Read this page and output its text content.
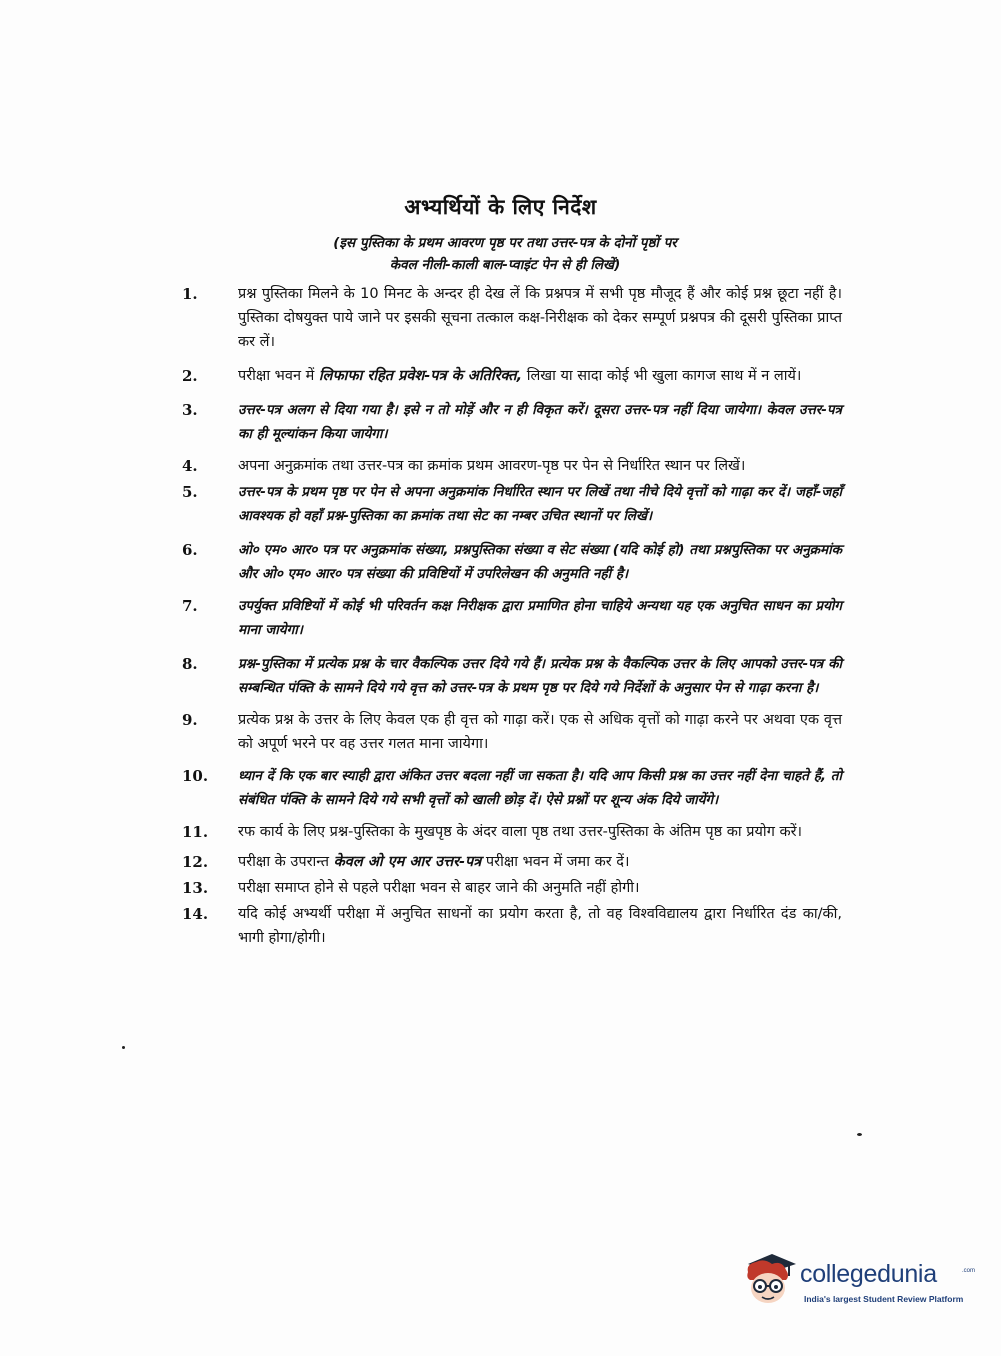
अभ्यर्थियों के लिए निर्देश
(इस पुस्तिका के प्रथम आवरण पृष्ठ पर तथा उत्तर-पत्र के दोनों पृष्ठों पर
केवल नीली-काली बाल-प्वाइंट पेन से ही लिखें)
1.	प्रश्न पुस्तिका मिलने के 10 मिनट के अन्दर ही देख लें कि प्रश्नपत्र में सभी पृष्ठ मौजूद हैं और कोई प्रश्न छूटा नहीं है। पुस्तिका दोषयुक्त पाये जाने पर इसकी सूचना तत्काल कक्ष-निरीक्षक को देकर सम्पूर्ण प्रश्नपत्र की दूसरी पुस्तिका प्राप्त कर लें।
2.	परीक्षा भवन में लिफाफा रहित प्रवेश-पत्र के अतिरिक्त, लिखा या सादा कोई भी खुला कागज साथ में न लायें।
3.	उत्तर-पत्र अलग से दिया गया है। इसे न तो मोड़ें और न ही विकृत करें। दूसरा उत्तर-पत्र नहीं दिया जायेगा। केवल उत्तर-पत्र का ही मूल्यांकन किया जायेगा।
4.	अपना अनुक्रमांक तथा उत्तर-पत्र का क्रमांक प्रथम आवरण-पृष्ठ पर पेन से निर्धारित स्थान पर लिखें।
5.	उत्तर-पत्र के प्रथम पृष्ठ पर पेन से अपना अनुक्रमांक निर्धारित स्थान पर लिखें तथा नीचे दिये वृत्तों को गाढ़ा कर दें। जहाँ-जहाँ आवश्यक हो वहाँ प्रश्न-पुस्तिका का क्रमांक तथा सेट का नम्बर उचित स्थानों पर लिखें।
6.	ओ० एम० आर० पत्र पर अनुक्रमांक संख्या, प्रश्नपुस्तिका संख्या व सेट संख्या (यदि कोई हो) तथा प्रश्नपुस्तिका पर अनुक्रमांक और ओ० एम० आर० पत्र संख्या की प्रविष्टियों में उपरिलेखन की अनुमति नहीं है।
7.	उपर्युक्त प्रविष्टियों में कोई भी परिवर्तन कक्ष निरीक्षक द्वारा प्रमाणित होना चाहिये अन्यथा यह एक अनुचित साधन का प्रयोग माना जायेगा।
8.	प्रश्न-पुस्तिका में प्रत्येक प्रश्न के चार वैकल्पिक उत्तर दिये गये हैं। प्रत्येक प्रश्न के वैकल्पिक उत्तर के लिए आपको उत्तर-पत्र की सम्बन्धित पंक्ति के सामने दिये गये वृत्त को उत्तर-पत्र के प्रथम पृष्ठ पर दिये गये निर्देशों के अनुसार पेन से गाढ़ा करना है।
9.	प्रत्येक प्रश्न के उत्तर के लिए केवल एक ही वृत्त को गाढ़ा करें। एक से अधिक वृत्तों को गाढ़ा करने पर अथवा एक वृत्त को अपूर्ण भरने पर वह उत्तर गलत माना जायेगा।
10.	ध्यान दें कि एक बार स्याही द्वारा अंकित उत्तर बदला नहीं जा सकता है। यदि आप किसी प्रश्न का उत्तर नहीं देना चाहते हैं, तो संबंधित पंक्ति के सामने दिये गये सभी वृत्तों को खाली छोड़ दें। ऐसे प्रश्नों पर शून्य अंक दिये जायेंगे।
11.	रफ कार्य के लिए प्रश्न-पुस्तिका के मुखपृष्ठ के अंदर वाला पृष्ठ तथा उत्तर-पुस्तिका के अंतिम पृष्ठ का प्रयोग करें।
12.	परीक्षा के उपरान्त केवल ओ एम आर उत्तर-पत्र परीक्षा भवन में जमा कर दें।
13.	परीक्षा समाप्त होने से पहले परीक्षा भवन से बाहर जाने की अनुमति नहीं होगी।
14.	यदि कोई अभ्यर्थी परीक्षा में अनुचित साधनों का प्रयोग करता है, तो वह विश्वविद्यालय द्वारा निर्धारित दंड का/की, भागी होगा/होगी।
collegedunia	.com
India's largest Student Review Platform
